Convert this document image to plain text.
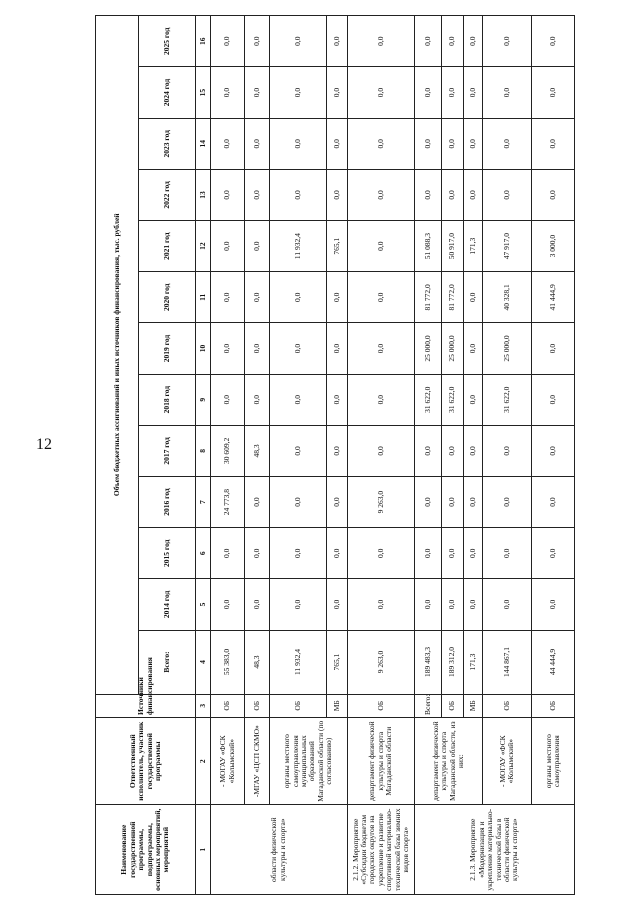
12
Наименование государственной программы, подпрограммы, основных мероприятий, мероприятий	Ответственный исполнитель, участник государственной программы	Источники финансирования	Объем бюджетных ассигнований и иных источников финансирования, тыс. рублей												
			Всего:	2014 год	2015 год	2016 год	2017 год	2018 год	2019 год	2020 год	2021 год	2022 год	2023 год	2024 год	2025 год
1	2	3	4	5	6	7	8	9	10	11	12	13	14	15	16
области физической культуры и спорта»	- МОГАУ «ФСК «Колымский»	ОБ	55 383,0	0,0	0,0	24 773,8	30 609,2	0,0	0,0	0,0	0,0	0,0	0,0	0,0	0,0
	-МГАУ «ЦСП СКМО»	ОБ	48,3	0,0	0,0	0,0	48,3	0,0	0,0	0,0	0,0	0,0	0,0	0,0	0,0
	органы местного самоуправления муниципальных образований Магаданской области (по согласованию)	ОБ	11 932,4	0,0	0,0	0,0	0,0	0,0	0,0	0,0	11 932,4	0,0	0,0	0,0	0,0
		МБ	765,1	0,0	0,0	0,0	0,0	0,0	0,0	0,0	765,1	0,0	0,0	0,0	0,0
2.1.2. Мероприятие «Субсидии бюджетам городских округов на укрепление и развитие спортивной материально-технической базы зимних видов спорта»	департамент физической культуры и спорта Магаданской области	ОБ	9 263,0	0,0	0,0	9 263,0	0,0	0,0	0,0	0,0	0,0	0,0	0,0	0,0	0,0
2.1.3. Мероприятие «Модернизация и укрепление материально-технической базы в области физической культуры и спорта»	департамент физической культуры и спорта Магаданской области, из них:	Всего:	189 483,3	0,0	0,0	0,0	0,0	31 622,0	25 000,0	81 772,0	51 088,3	0,0	0,0	0,0	0,0
		ОБ	189 312,0	0,0	0,0	0,0	0,0	31 622,0	25 000,0	81 772,0	50 917,0	0,0	0,0	0,0	0,0
		МБ	171,3	0,0	0,0	0,0	0,0	0,0	0,0	0,0	171,3	0,0	0,0	0,0	0,0
	- МОГАУ «ФСК «Колымский»	ОБ	144 867,1	0,0	0,0	0,0	0,0	31 622,0	25 000,0	40 328,1	47 917,0	0,0	0,0	0,0	0,0
	органы местного самоуправления	ОБ	44 444,9	0,0	0,0	0,0	0,0	0,0	0,0	41 444,9	3 000,0	0,0	0,0	0,0	0,0
